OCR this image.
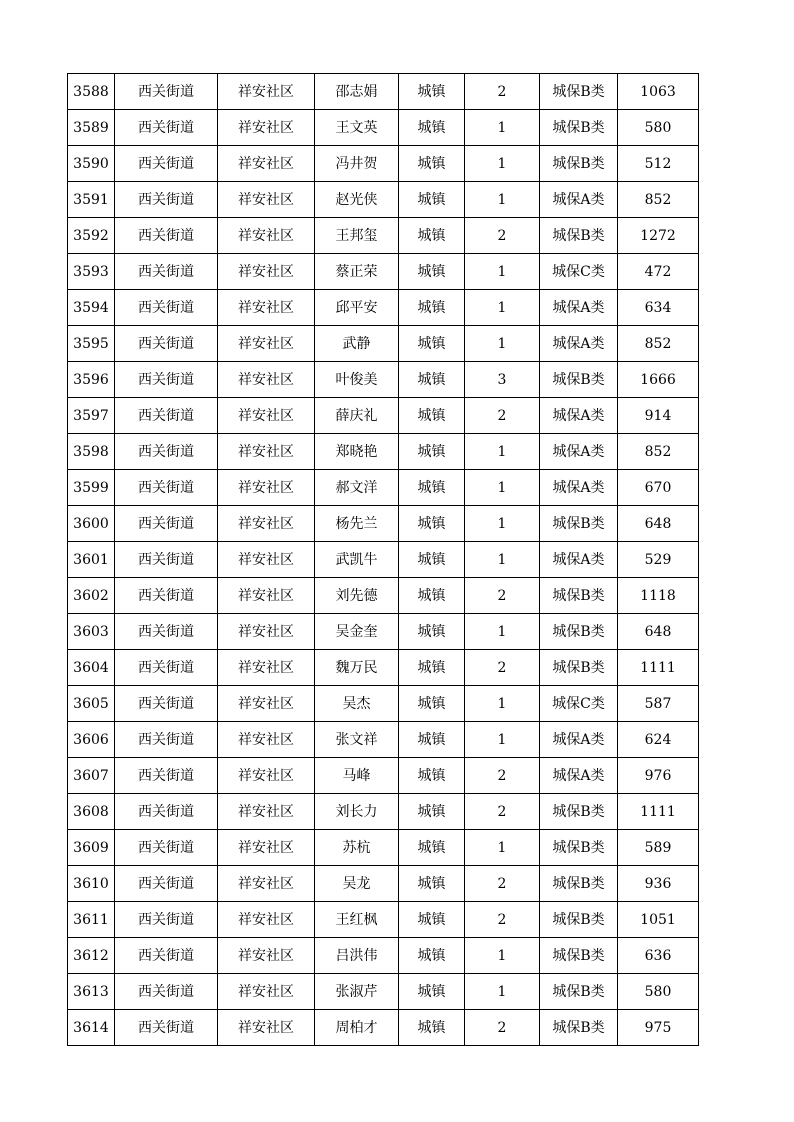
3588	西关街道	祥安社区	邵志娟	城镇	2	城保B类	1063
3589	西关街道	祥安社区	王文英	城镇	1	城保B类	580
3590	西关街道	祥安社区	冯井贺	城镇	1	城保B类	512
3591	西关街道	祥安社区	赵光侠	城镇	1	城保A类	852
3592	西关街道	祥安社区	王邦玺	城镇	2	城保B类	1272
3593	西关街道	祥安社区	蔡正荣	城镇	1	城保C类	472
3594	西关街道	祥安社区	邱平安	城镇	1	城保A类	634
3595	西关街道	祥安社区	武静	城镇	1	城保A类	852
3596	西关街道	祥安社区	叶俊美	城镇	3	城保B类	1666
3597	西关街道	祥安社区	薛庆礼	城镇	2	城保A类	914
3598	西关街道	祥安社区	郑晓艳	城镇	1	城保A类	852
3599	西关街道	祥安社区	郝文洋	城镇	1	城保A类	670
3600	西关街道	祥安社区	杨先兰	城镇	1	城保B类	648
3601	西关街道	祥安社区	武凯牛	城镇	1	城保A类	529
3602	西关街道	祥安社区	刘先德	城镇	2	城保B类	1118
3603	西关街道	祥安社区	吴金奎	城镇	1	城保B类	648
3604	西关街道	祥安社区	魏万民	城镇	2	城保B类	1111
3605	西关街道	祥安社区	吴杰	城镇	1	城保C类	587
3606	西关街道	祥安社区	张文祥	城镇	1	城保A类	624
3607	西关街道	祥安社区	马峰	城镇	2	城保A类	976
3608	西关街道	祥安社区	刘长力	城镇	2	城保B类	1111
3609	西关街道	祥安社区	苏杭	城镇	1	城保B类	589
3610	西关街道	祥安社区	吴龙	城镇	2	城保B类	936
3611	西关街道	祥安社区	王红枫	城镇	2	城保B类	1051
3612	西关街道	祥安社区	吕洪伟	城镇	1	城保B类	636
3613	西关街道	祥安社区	张淑芹	城镇	1	城保B类	580
3614	西关街道	祥安社区	周柏才	城镇	2	城保B类	975
